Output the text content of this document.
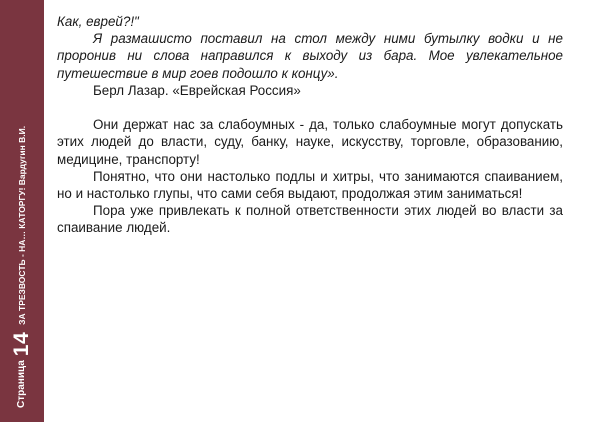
Страница
14
ЗА ТРЕЗВОСТЬ - НА… КАТОРГУ! Вардугин В.И.

Как, еврей?!"

Я размашисто поставил на стол между ними бутылку водки и не проронив ни слова направился к выходу из бара. Мое увлекательное путешествие в мир гоев подошло к концу».

Берл Лазар. «Еврейская Россия»

Они держат нас за слабоумных - да, только слабоумные могут допускать этих людей до власти, суду, банку, науке, искусству, торговле, образованию, медицине, транспорту!

Понятно, что они настолько подлы и хитры, что занимаются спаиванием, но и настолько глупы, что сами себя выдают, продолжая этим заниматься!

Пора уже привлекать к полной ответственности этих людей во власти за спаивание людей.
